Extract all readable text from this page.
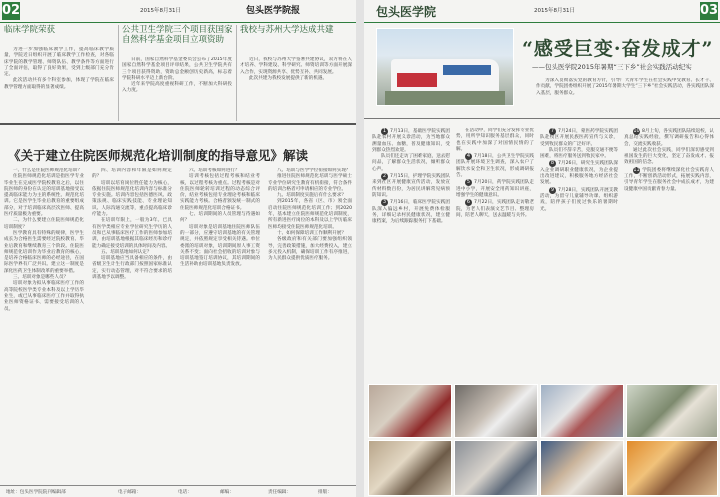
02	2015年8月31日	包头医学院报
临床学院荣获

为进一步加强临床教学工作，提高临床教学质量，学院近日组织开展了临床教学工作检查，对各临床学院的教学管理、师资队伍、教学条件等方面进行了全面评估，取得了良好效果，受到上级部门充分肯定。

此次活动共有多个科室参加，体现了学院在临床教学管理方面取得的显著成绩。

公共卫生学院三个项目获国家自然科学基金项目立项资助

日前，国家自然科学基金委员会公布了2015年度国家自然科学基金项目评审结果，公共卫生学院共有三个项目获得资助，资助总金额创历史新高，标志着学院科研水平迈上新台阶。

近年来学院高度重视科研工作，不断加大科研投入力度。

我校与苏州大学达成共建

近日，我校与苏州大学签署共建协议，双方将在人才培养、学科建设、科学研究、师资培训等方面开展深入合作，实现资源共享、优势互补、共同发展。

此次共建为我校发展提供了新的机遇。

《关于建立住院医师规范化培训制度的指导意见》解读

一、什么是住院医师规范化培训？

住院医师规范化培训是指医学专业毕业生在完成医学院校教育之后，以住院医师的身份在认定的培训基地接受以提高临床能力为主的系统性、规范化培训。它是医学生毕业后教育的重要组成部分，对于培训临床高层次医师、提高医疗质量极为重要。

二、为什么要建立住院医师规范化培训制度？

医学教育具有特殊的规律，医学生成长为合格医生需要经过院校教育、毕业后教育和继续教育三个阶段。住院医师规范化培训作为毕业后教育的核心，是培养合格临床医师的必经途径，在国际医学界有广泛共识。建立这一制度是深化医药卫生体制改革的重要举措。

三、培训对象是哪些人员？

培训对象为拟从事临床医疗工作的高等院校医学类专业本科及以上学历毕业生，或已从事临床医疗工作并取得执业医师资格证书、需要接受培训的人员。

四、培训内容和年限是如何规定的？

培训以培育岗位胜任能力为核心，依据住院医师规范化培训内容与标准分专业实施。培训内容包括医德医风、政策法规、临床实践技能、专业理论知识、人际沟通交流等，重点提高临床诊疗能力。

在培训年限上，一般为3年。已具有医学类相应专业学位研究生学历的人员和已从事临床医疗工作的医师参加培训，由培训基地根据其临床经历和诊疗能力确定接受培训的具体时间及内容。

五、培训基地如何认定？

培训基地应当具备相应的条件，由省级卫生计生行政部门按照国家标准认定，实行动态管理，对不符合要求的培训基地予以调整。

六、培训考核如何进行？

培训考核包括过程考核和结业考核，以过程考核为重点。过程考核是对住院医师轮转培训过程的动态综合评价，结业考核包括专业理论考核和临床实践能力考核。合格者颁发统一制式的住院医师规范化培训合格证书。

七、培训期间的人员管理与待遇如何？

培训对象是培训基地住院医师队伍的一部分，应遵守培训基地的有关管理规定，并依照规定享受相关待遇。单位委派的培训对象，培训期间原人事工资关系不变；面向社会招收的培训对象与培训基地签订培训协议，其培训期间的生活补助由培训基地负责发放。

八、培训与医学学位衔接如何实现？

推进住院医师规范化培训与医学硕士专业学位研究生教育有机衔接，符合条件的培训合格者可申请相应的专业学位。

九、培训制度实施后有什么要求？

到2015年，各省（区、市）须全面启动住院医师规范化培训工作；到2020年，基本建立住院医师规范化培训制度，所有新进医疗岗位的本科及以上学历临床医师均接受住院医师规范化培训。

十、如何保障培训工作顺利开展？

各级政府和有关部门要加强组织领导，完善政策措施，加大经费投入，建立多元投入机制，确保培训工作有序推进，为人民群众提供优质医疗服务。

地址：包头医学院院刊编辑部	电子邮箱：	电话：	邮编：	责任编辑：	排版：
包头医学院	2015年8月31日	03
“感受巨变·奋发成才”
——包头医学院2015年暑期“三下乡”社会实践活动纪实

为深入贯彻落实党的教育方针，引导广大青年学生在社会实践中受教育、长才干、作贡献，学院团委组织开展了2015年暑期大学生“三下乡”社会实践活动，各实践团队深入基层，服务群众。

1 7月13日，基础医学院实践团队赴农村开展义诊活动，为当地群众测量血压、血糖，普及健康知识，受到群众热烈欢迎。

队员们还走访了困难家庭，送去慰问品，了解群众生活状况，倾听群众心声。

2 7月15日，护理学院实践团队来到社区开展健康宣传活动，发放宣传材料数百份，为居民讲解常见病预防知识。

3 7月16日，临床医学院实践团队深入偏远乡村，开展免费体检服务，详细记录村民健康状况，建立健康档案，为后续跟踪服务打下基础。

在活动中，同学们充分发挥专业优势，用所学知识服务基层群众，同时也在实践中加深了对国情民情的了解。

4 7月18日，公共卫生学院实践团队开展环境卫生调查，深入农户了解饮水安全和卫生状况，形成调研报告。

5 7月20日，药学院实践团队走进中小学，开展安全用药知识讲座，增强学生的健康意识。

6 7月22日，实践团队走访敬老院，为老人们表演文艺节目、整理房间，陪老人聊天，送去温暖与关怀。

7 7月24日，蒙医药学院实践团队赴牧区开展民族医药宣传与义诊，受到牧民群众的广泛好评。

队员们不辞辛苦，克服交通不便等困难，将医疗服务送到牧民家中。

8 7月26日，研究生实践团队深入企业调研职业健康状况，为企业提出改进建议，积极服务地方经济社会发展。

9 7月28日，实践团队开展支教活动，为留守儿童辅导功课、组织游戏，陪伴孩子们度过快乐的暑期时光。

10 8月上旬，各实践团队陆续返校，认真总结实践经验，撰写调研报告和心得体会，交流实践收获。

通过此次社会实践，同学们深切感受到祖国发生的巨大变化，坚定了奋发成才、报效祖国的信念。

11 学院团委将继续深化社会实践育人工作，不断创新活动形式，拓展实践内容，引导青年学生在服务社会中成长成才，为建设健康中国贡献青春力量。
